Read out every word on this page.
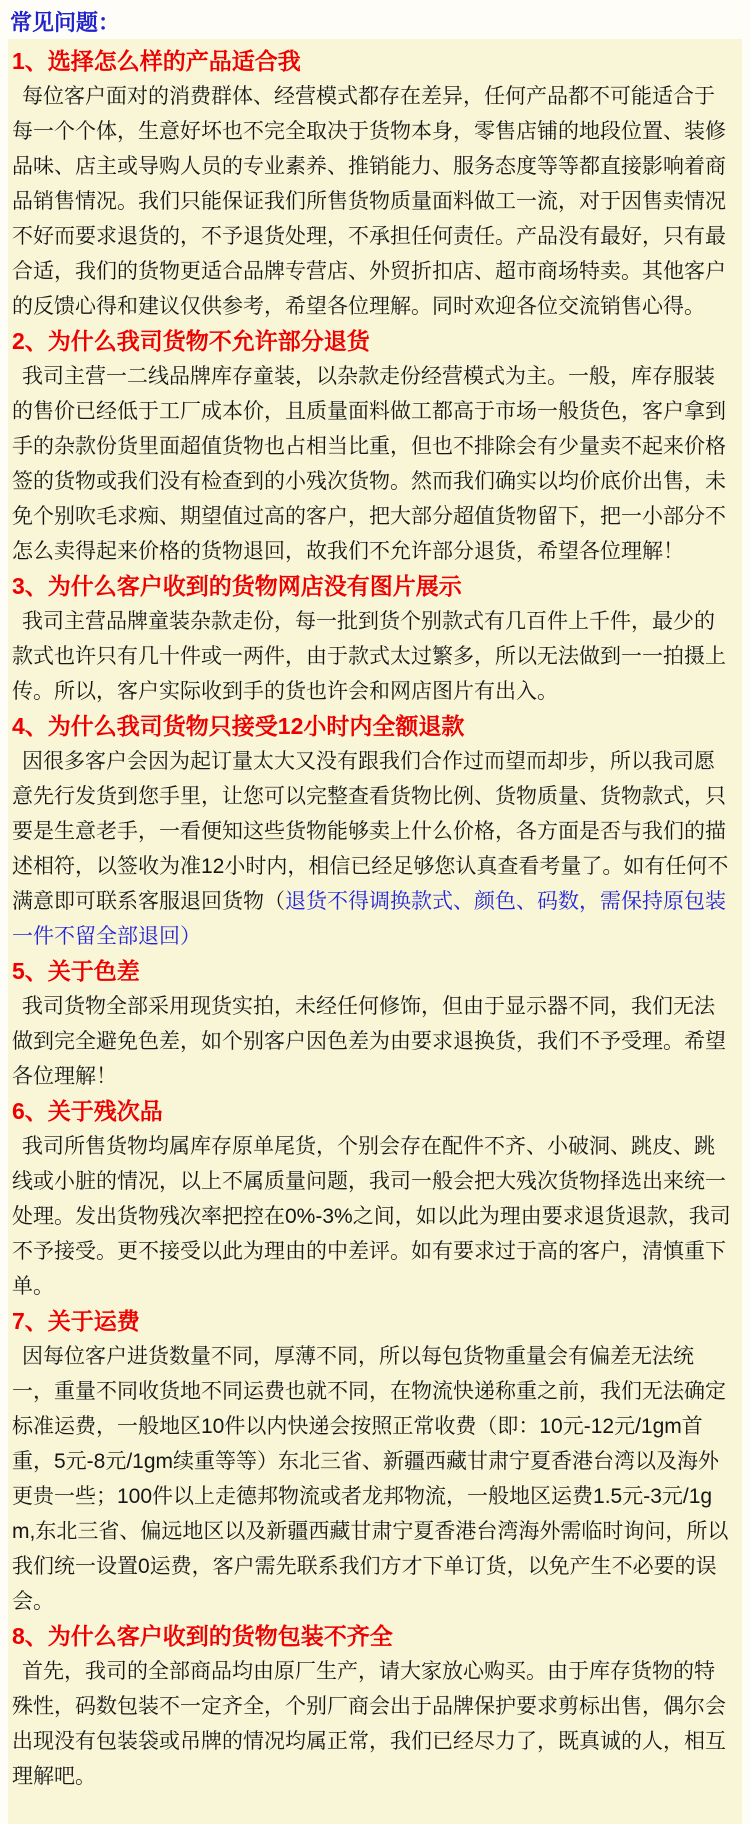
常见问题：
1、选择怎么样的产品适合我

每位客户面对的消费群体、经营模式都存在差异，任何产品都不可能适合于每一个个体，生意好坏也不完全取决于货物本身，零售店铺的地段位置、装修品味、店主或导购人员的专业素养、推销能力、服务态度等等都直接影响着商品销售情况。我们只能保证我们所售货物质量面料做工一流，对于因售卖情况不好而要求退货的，不予退货处理，不承担任何责任。产品没有最好，只有最合适，我们的货物更适合品牌专营店、外贸折扣店、超市商场特卖。其他客户的反馈心得和建议仅供参考，希望各位理解。同时欢迎各位交流销售心得。

2、为什么我司货物不允许部分退货

我司主营一二线品牌库存童装，以杂款走份经营模式为主。一般，库存服装的售价已经低于工厂成本价，且质量面料做工都高于市场一般货色，客户拿到手的杂款份货里面超值货物也占相当比重，但也不排除会有少量卖不起来价格签的货物或我们没有检查到的小残次货物。然而我们确实以均价底价出售，未免个别吹毛求痴、期望值过高的客户，把大部分超值货物留下，把一小部分不怎么卖得起来价格的货物退回，故我们不允许部分退货，希望各位理解！

3、为什么客户收到的货物网店没有图片展示

我司主营品牌童装杂款走份，每一批到货个别款式有几百件上千件，最少的款式也许只有几十件或一两件，由于款式太过繁多，所以无法做到一一拍摄上传。所以，客户实际收到手的货也许会和网店图片有出入。

4、为什么我司货物只接受12小时内全额退款

因很多客户会因为起订量太大又没有跟我们合作过而望而却步，所以我司愿意先行发货到您手里，让您可以完整查看货物比例、货物质量、货物款式，只要是生意老手，一看便知这些货物能够卖上什么价格，各方面是否与我们的描述相符，以签收为准12小时内，相信已经足够您认真查看考量了。如有任何不满意即可联系客服退回货物（退货不得调换款式、颜色、码数，需保持原包装一件不留全部退回）

5、关于色差

我司货物全部采用现货实拍，未经任何修饰，但由于显示器不同，我们无法做到完全避免色差，如个别客户因色差为由要求退换货，我们不予受理。希望各位理解！

6、关于残次品

我司所售货物均属库存原单尾货，个别会存在配件不齐、小破洞、跳皮、跳线或小脏的情况，以上不属质量问题，我司一般会把大残次货物择选出来统一处理。发出货物残次率把控在0%-3%之间，如以此为理由要求退货退款，我司不予接受。更不接受以此为理由的中差评。如有要求过于高的客户，清慎重下单。

7、关于运费

因每位客户进货数量不同，厚薄不同，所以每包货物重量会有偏差无法统一，重量不同收货地不同运费也就不同，在物流快递称重之前，我们无法确定标准运费，一般地区10件以内快递会按照正常收费（即：10元-12元/1gm首重，5元-8元/1gm续重等等）东北三省、新疆西藏甘肃宁夏香港台湾以及海外更贵一些；100件以上走德邦物流或者龙邦物流，一般地区运费1.5元-3元/1gm,东北三省、偏远地区以及新疆西藏甘肃宁夏香港台湾海外需临时询问，所以我们统一设置0运费，客户需先联系我们方才下单订货，以免产生不必要的误会。

8、为什么客户收到的货物包装不齐全

首先，我司的全部商品均由原厂生产，请大家放心购买。由于库存货物的特殊性，码数包装不一定齐全，个别厂商会出于品牌保护要求剪标出售，偶尔会出现没有包装袋或吊牌的情况均属正常，我们已经尽力了，既真诚的人，相互理解吧。
